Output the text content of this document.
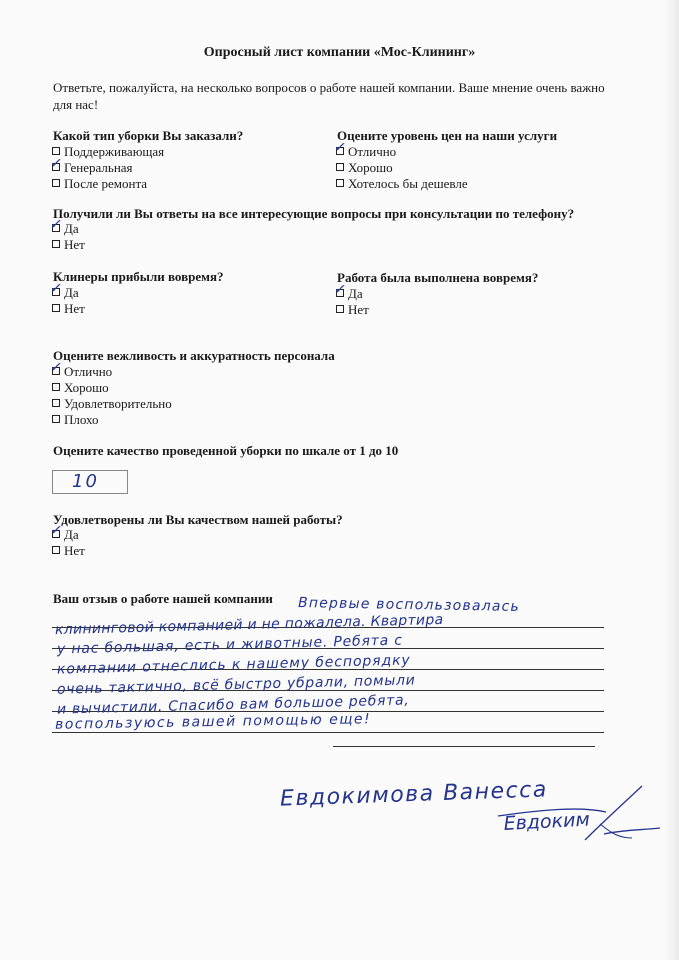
Опросный лист компании «Мос-Клининг»
Ответьте, пожалуйста, на несколько вопросов о работе нашей компании. Ваше мнение очень важно для нас!
Какой тип уборки Вы заказали?
Поддерживающая
✓ Генеральная
После ремонта
Оцените уровень цен на наши услуги
✓ Отлично
Хорошо
Хотелось бы дешевле
Получили ли Вы ответы на все интересующие вопросы при консультации по телефону?
✓ Да
Нет
Клинеры прибыли вовремя?
✓ Да
Нет
Работа была выполнена вовремя?
✓ Да
Нет
Оцените вежливость и аккуратность персонала
✓ Отлично
Хорошо
Удовлетворительно
Плохо
Оцените качество проведенной уборки по шкале от 1 до 10
10
Удовлетворены ли Вы качеством нашей работы?
✓ Да
Нет
Ваш отзыв о работе нашей компании Впервые воспользовалась
клининговой компанией и не пожалела. Квартира
у нас большая, есть и животные. Ребята с
компании отнеслись к нашему беспорядку
очень тактично, всё быстро убрали, помыли
и вычистили. Спасибо вам большое ребята,
воспользуюсь вашей помощью еще!
Евдокимова Ванесса
Евдоким
